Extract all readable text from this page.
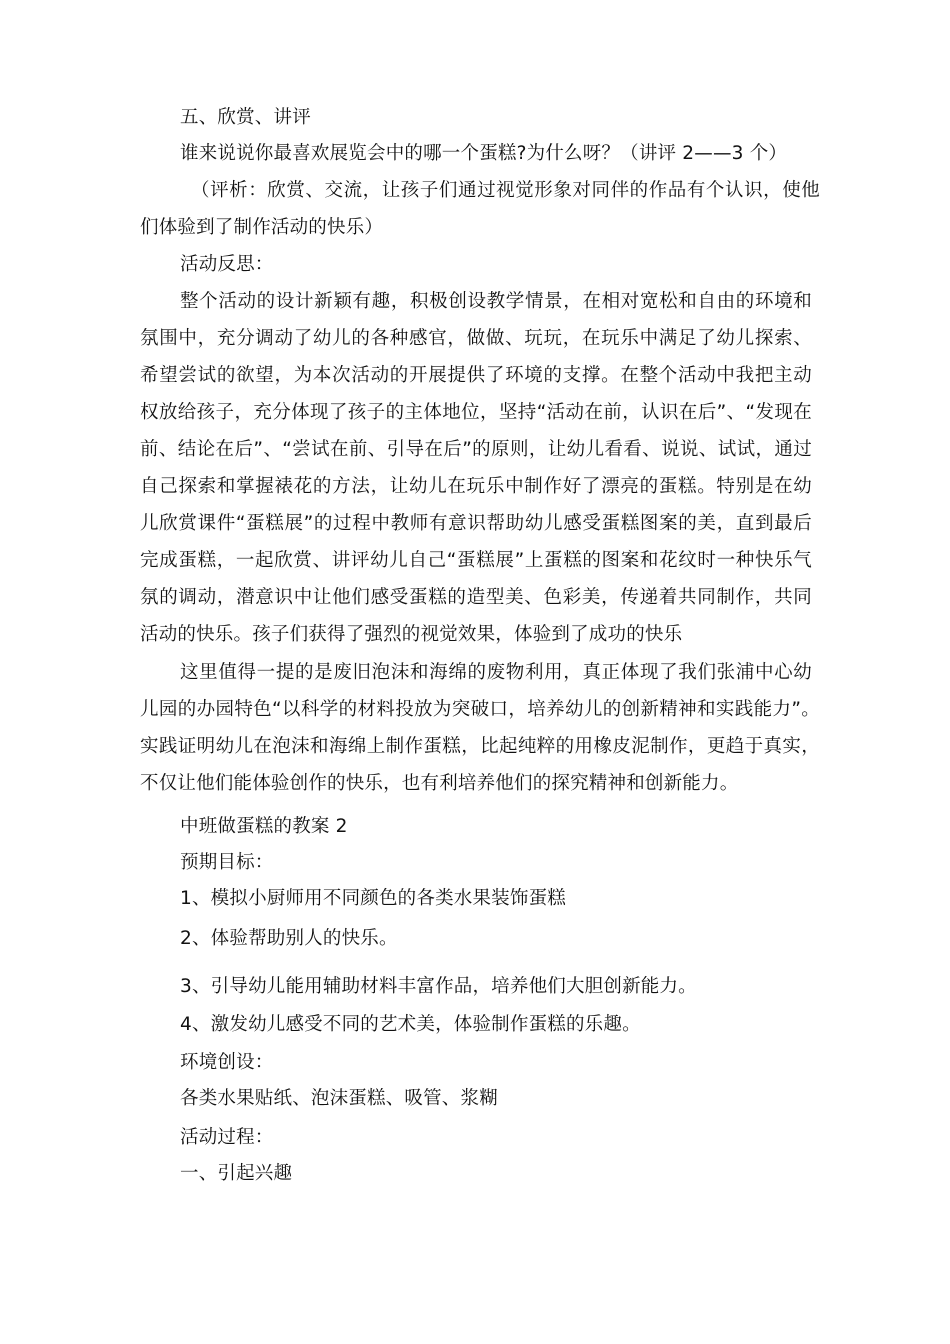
五、欣赏、讲评
谁来说说你最喜欢展览会中的哪一个蛋糕?为什么呀？（讲评 2——3 个）
（评析：欣赏、交流，让孩子们通过视觉形象对同伴的作品有个认识，使他
们体验到了制作活动的快乐）
活动反思：
整个活动的设计新颖有趣，积极创设教学情景，在相对宽松和自由的环境和
氛围中，充分调动了幼儿的各种感官，做做、玩玩，在玩乐中满足了幼儿探索、
希望尝试的欲望，为本次活动的开展提供了环境的支撑。在整个活动中我把主动
权放给孩子，充分体现了孩子的主体地位，坚持“活动在前，认识在后”、“发现在
前、结论在后”、“尝试在前、引导在后”的原则，让幼儿看看、说说、试试，通过
自己探索和掌握裱花的方法，让幼儿在玩乐中制作好了漂亮的蛋糕。特别是在幼
儿欣赏课件“蛋糕展”的过程中教师有意识帮助幼儿感受蛋糕图案的美，直到最后
完成蛋糕，一起欣赏、讲评幼儿自己“蛋糕展”上蛋糕的图案和花纹时一种快乐气
氛的调动，潜意识中让他们感受蛋糕的造型美、色彩美，传递着共同制作，共同
活动的快乐。孩子们获得了强烈的视觉效果，体验到了成功的快乐
这里值得一提的是废旧泡沫和海绵的废物利用，真正体现了我们张浦中心幼
儿园的办园特色“以科学的材料投放为突破口，培养幼儿的创新精神和实践能力”。
实践证明幼儿在泡沫和海绵上制作蛋糕，比起纯粹的用橡皮泥制作，更趋于真实，
不仅让他们能体验创作的快乐，也有利培养他们的探究精神和创新能力。
中班做蛋糕的教案 2
预期目标：
1、模拟小厨师用不同颜色的各类水果装饰蛋糕
2、体验帮助别人的快乐。
3、引导幼儿能用辅助材料丰富作品，培养他们大胆创新能力。
4、激发幼儿感受不同的艺术美，体验制作蛋糕的乐趣。
环境创设：
各类水果贴纸、泡沫蛋糕、吸管、浆糊
活动过程：
一、引起兴趣
